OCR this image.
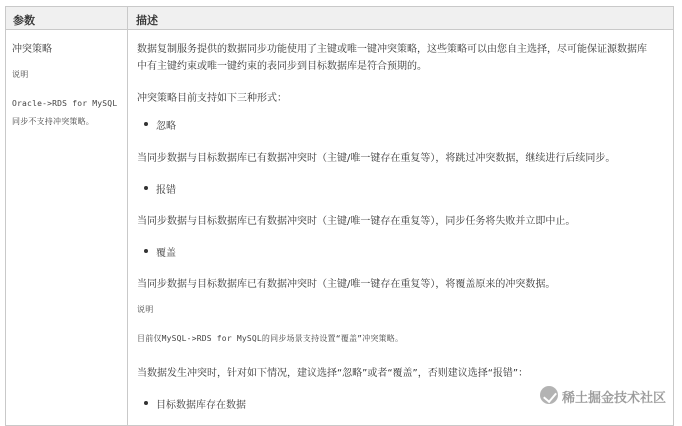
参数	描述
冲突策略
说明
Oracle->RDS for MySQL
同步不支持冲突策略。
数据复制服务提供的数据同步功能使用了主键或唯一键冲突策略，这些策略可以由您自主选择，尽可能保证源数据库
中有主键约束或唯一键约束的表同步到目标数据库是符合预期的。
冲突策略目前支持如下三种形式：
忽略
当同步数据与目标数据库已有数据冲突时（主键/唯一键存在重复等），将跳过冲突数据，继续进行后续同步。
报错
当同步数据与目标数据库已有数据冲突时（主键/唯一键存在重复等），同步任务将失败并立即中止。
覆盖
当同步数据与目标数据库已有数据冲突时（主键/唯一键存在重复等），将覆盖原来的冲突数据。
说明
目前仅MySQL->RDS for MySQL的同步场景支持设置“覆盖”冲突策略。
当数据发生冲突时，针对如下情况，建议选择“忽略”或者“覆盖”，否则建议选择“报错”：
目标数据库存在数据	稀土掘金技术社区
